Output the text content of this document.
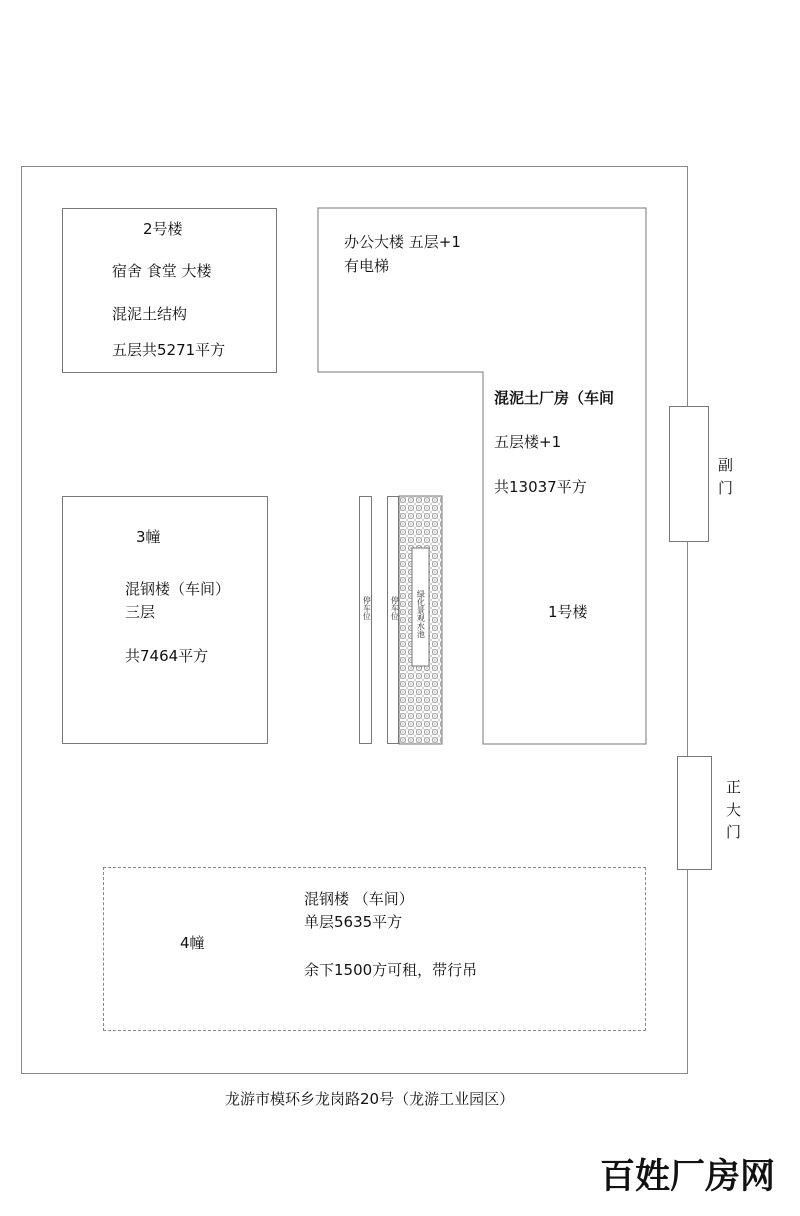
2号楼
宿舍 食堂 大楼
混泥土结构
五层共5271平方
办公大楼 五层+1
有电梯
混泥土厂房（车间
五层楼+1
共13037平方
1号楼
3幢
混钢楼（车间）
三层
共7464平方
停车位 停车位 绿化景观水池
副门
正大门
4幢
混钢楼 （车间）
单层5635平方
余下1500方可租，带行吊
龙游市模环乡龙岗路20号（龙游工业园区）
百姓厂房网
